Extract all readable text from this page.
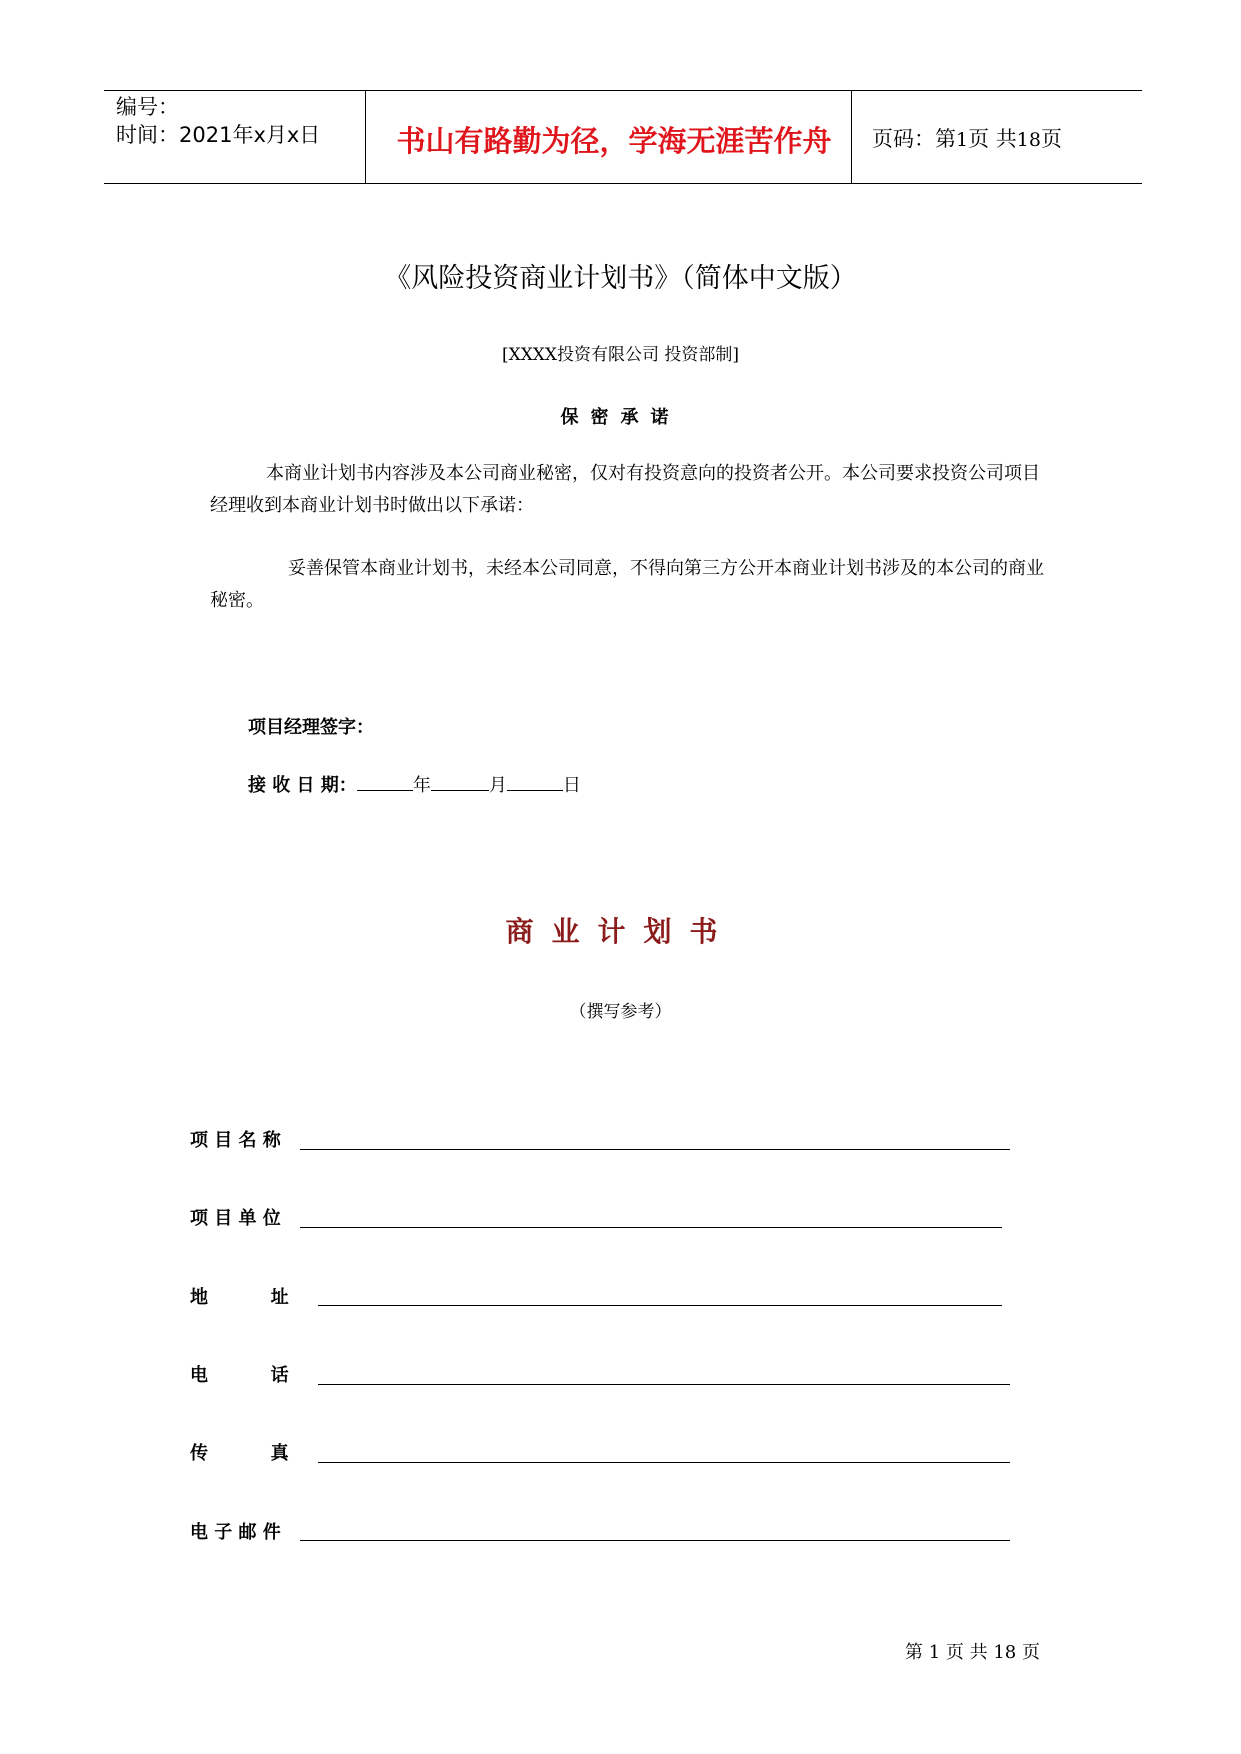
编号：
时间：2021年x月x日	书山有路勤为径，学海无涯苦作舟	页码：第1页 共18页
《风险投资商业计划书》（简体中文版）
[XXXX投资有限公司 投资部制]
保密承诺
本商业计划书内容涉及本公司商业秘密，仅对有投资意向的投资者公开。本公司要求投资公司项目经理收到本商业计划书时做出以下承诺：
妥善保管本商业计划书，未经本公司同意，不得向第三方公开本商业计划书涉及的本公司的商业秘密。
项目经理签字：
接 收 日 期：	年	月	日
商业计划书
（撰写参考）
项 目 名 称
项 目 单 位
地          址
电          话
传          真
电 子 邮 件
第 1 页 共 18 页
